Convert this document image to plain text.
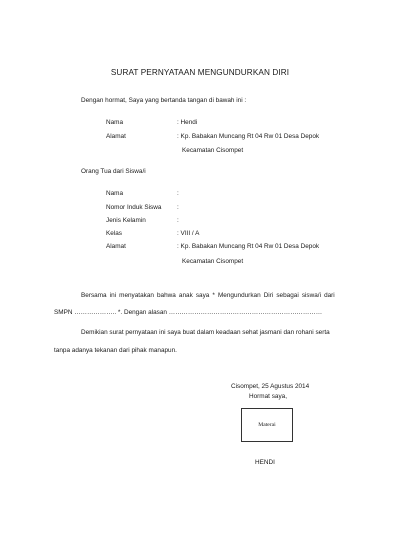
SURAT PERNYATAAN MENGUNDURKAN DIRI
Dengan hormat, Saya yang bertanda tangan di bawah ini :
Nama	: Hendi
Alamat	: Kp. Babakan Muncang Rt 04 Rw 01 Desa Depok
Kecamatan Cisompet
Orang Tua dari Siswa/i
Nama	:
Nomor Induk Siswa :
Jenis Kelamin	:
Kelas	: VIII / A
Alamat	: Kp. Babakan Muncang Rt 04 Rw 01 Desa Depok
Kecamatan Cisompet
Bersama ini menyatakan bahwa anak saya * Mengundurkan Diri sebagai siswa/i dari
SMPN ……………….. *. Dengan alasan ………………………………………………………………
Demikian surat pernyataan ini saya buat dalam keadaan sehat jasmani dan rohani serta
tanpa adanya tekanan dari pihak manapun.
Cisompet, 25 Agustus 2014
Hormat saya,
Materai
HENDI
